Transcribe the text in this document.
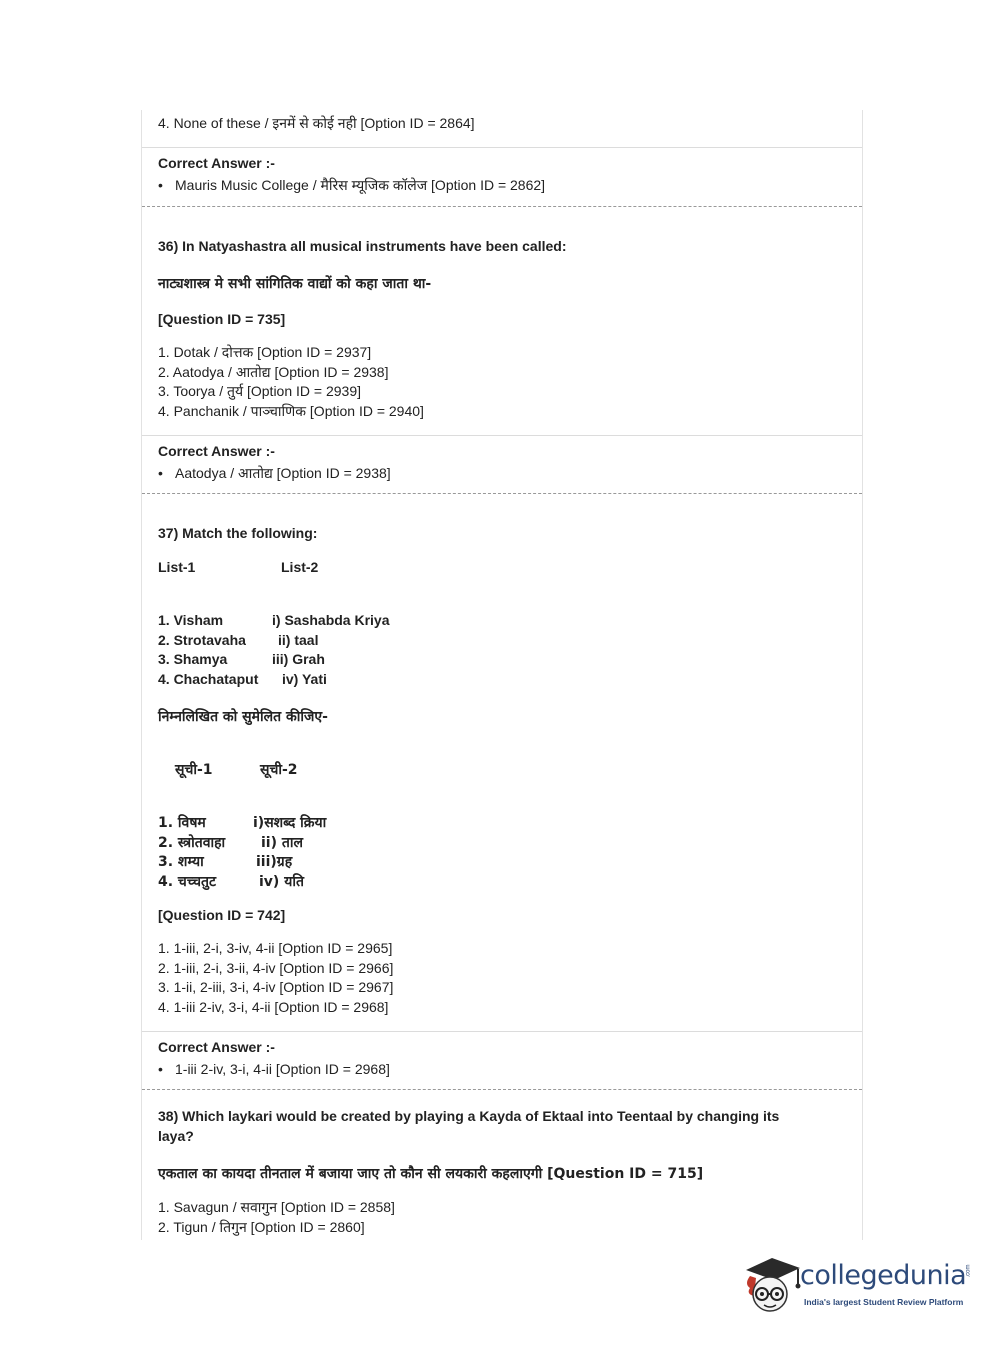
4. None of these / इनमें से कोई नही [Option ID = 2864]
Correct Answer :-
• Mauris Music College / मैरिस म्यूजिक कॉलेज [Option ID = 2862]
36) In Natyashastra all musical instruments have been called:
नाट्यशास्त्र मे सभी सांगितिक वाद्यों को कहा जाता था-
[Question ID = 735]
1. Dotak / दोत्तक [Option ID = 2937]
2. Aatodya / आतोद्य [Option ID = 2938]
3. Toorya / तुर्य [Option ID = 2939]
4. Panchanik / पाञ्चाणिक [Option ID = 2940]
Correct Answer :-
• Aatodya / आतोद्य [Option ID = 2938]
37) Match the following:
List-1	List-2
1. Visham	i) Sashabda Kriya
2. Strotavaha ii) taal
3. Shamya	iii) Grah
4. Chachataput iv) Yati
निम्नलिखित को सुमेलित कीजिए-
सूची-1	सूची-2
1. विषम	i)सशब्द क्रिया
2. स्त्रोतवाहा	ii) ताल
3. शम्या	iii)ग्रह
4. चच्चतुट	iv) यति
[Question ID = 742]
1. 1-iii, 2-i, 3-iv, 4-ii [Option ID = 2965]
2. 1-iii, 2-i, 3-ii, 4-iv [Option ID = 2966]
3. 1-ii, 2-iii, 3-i, 4-iv [Option ID = 2967]
4. 1-iii 2-iv, 3-i, 4-ii [Option ID = 2968]
Correct Answer :-
• 1-iii 2-iv, 3-i, 4-ii [Option ID = 2968]
38) Which laykari would be created by playing a Kayda of Ektaal into Teentaal by changing its
laya?
एकताल का कायदा तीनताल में बजाया जाए तो कौन सी लयकारी कहलाएगी [Question ID = 715]
1. Savagun / सवागुन [Option ID = 2858]
2. Tigun / तिगुन [Option ID = 2860]
collegedunia .com
India's largest Student Review Platform
